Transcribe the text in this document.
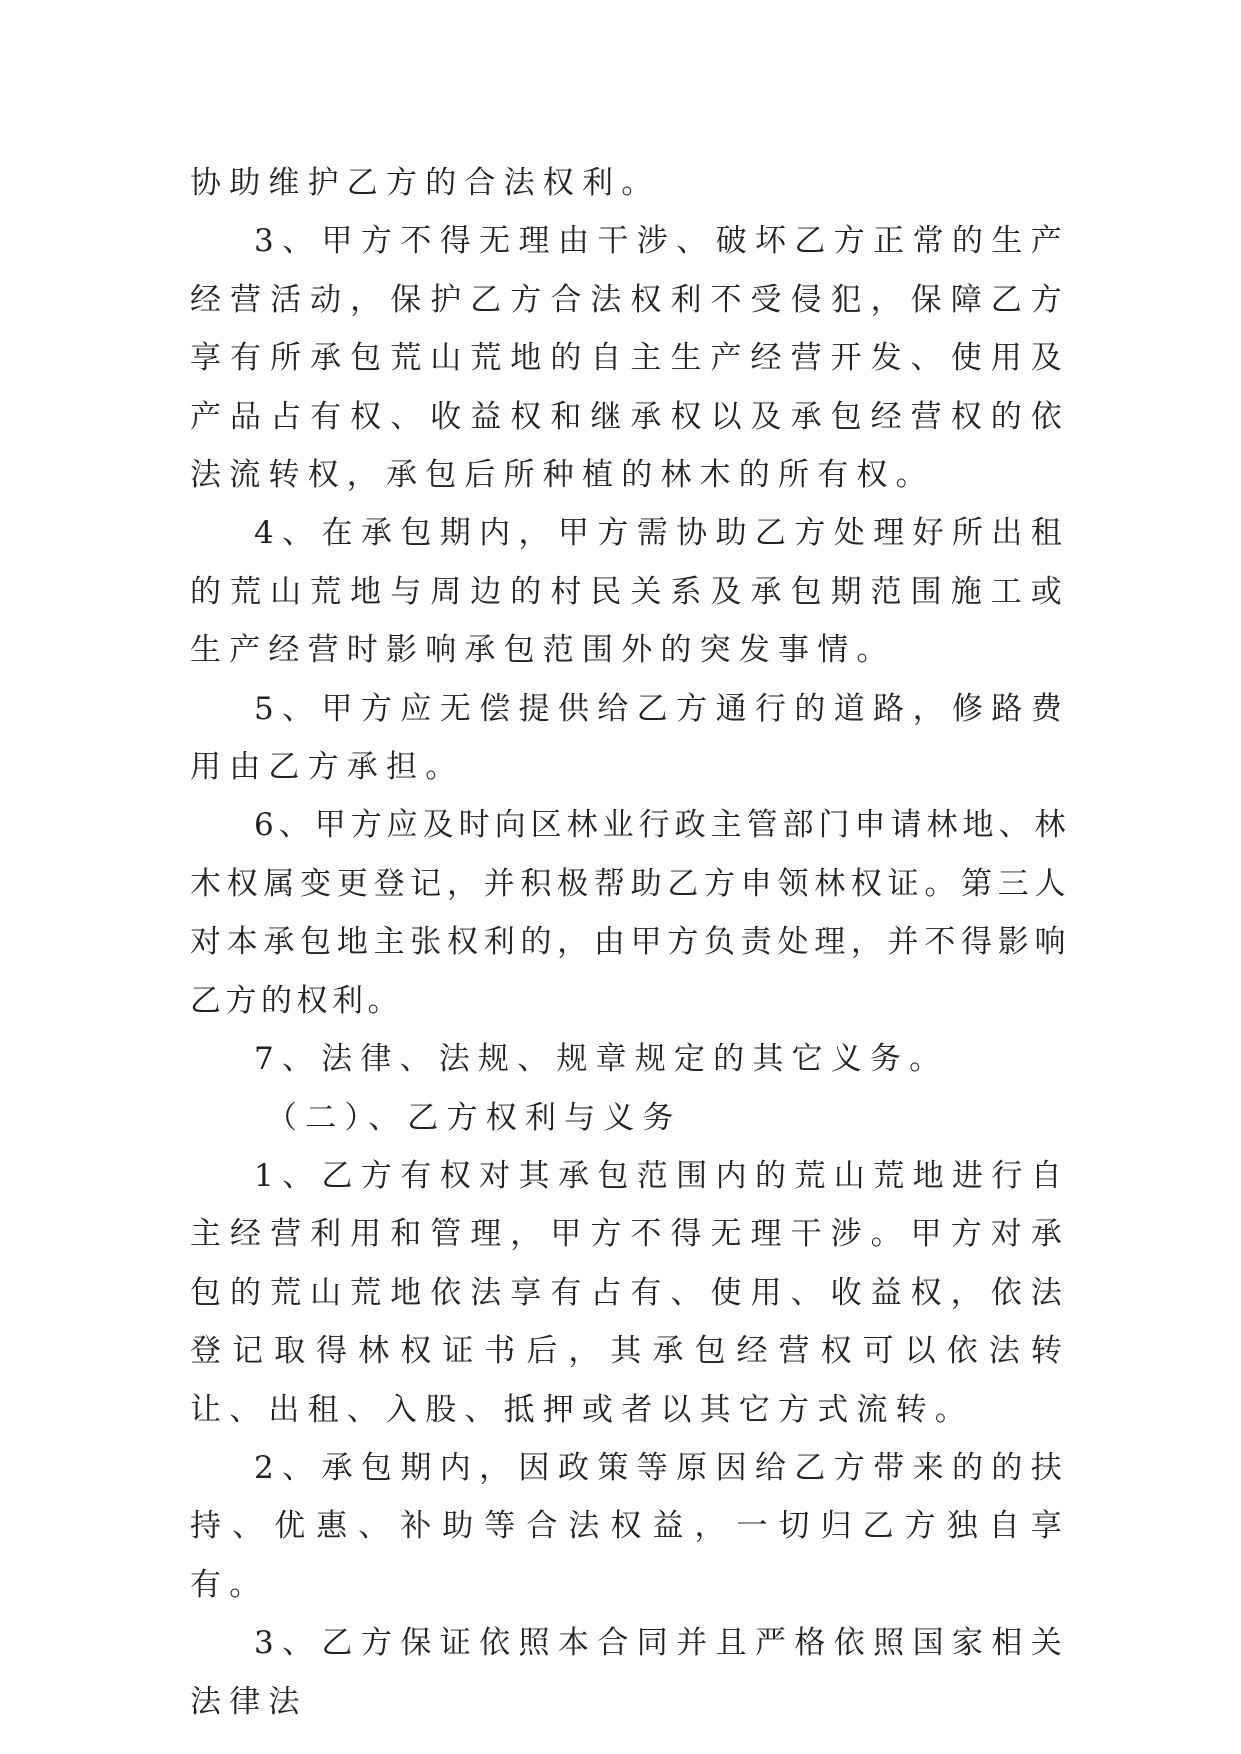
协助维护乙方的合法权利。

3、甲方不得无理由干涉、破坏乙方正常的生产经营活动，保护乙方合法权利不受侵犯，保障乙方享有所承包荒山荒地的自主生产经营开发、使用及产品占有权、收益权和继承权以及承包经营权的依法流转权，承包后所种植的林木的所有权。

4、在承包期内，甲方需协助乙方处理好所出租的荒山荒地与周边的村民关系及承包期范围施工或生产经营时影响承包范围外的突发事情。

5、甲方应无偿提供给乙方通行的道路，修路费用由乙方承担。

6、甲方应及时向区林业行政主管部门申请林地、林木权属变更登记，并积极帮助乙方申领林权证。第三人对本承包地主张权利的，由甲方负责处理，并不得影响乙方的权利。

7、法律、法规、规章规定的其它义务。

（二）、乙方权利与义务

1、乙方有权对其承包范围内的荒山荒地进行自主经营利用和管理，甲方不得无理干涉。甲方对承包的荒山荒地依法享有占有、使用、收益权，依法登记取得林权证书后，其承包经营权可以依法转让、出租、入股、抵押或者以其它方式流转。

2、承包期内，因政策等原因给乙方带来的的扶持、优惠、补助等合法权益，一切归乙方独自享有。

3、乙方保证依照本合同并且严格依照国家相关法律法
